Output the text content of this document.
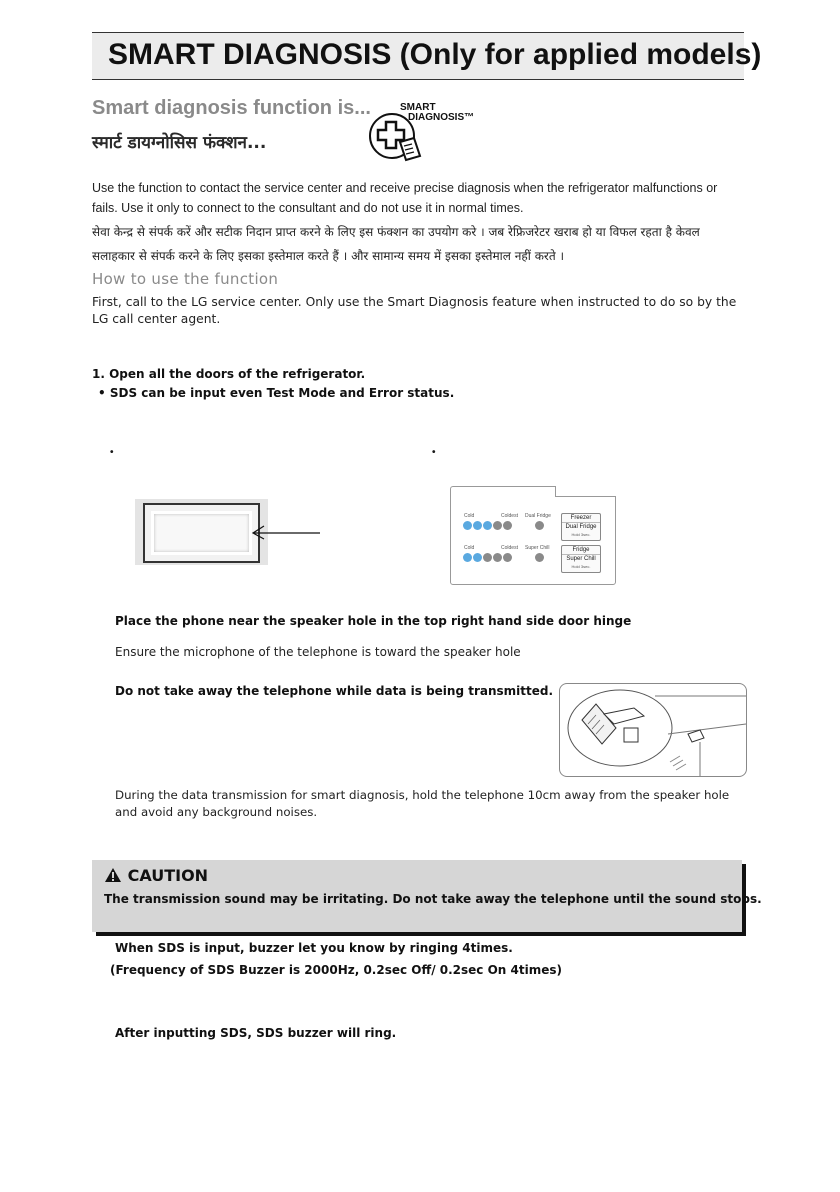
SMART DIAGNOSIS (Only for applied models)
Smart diagnosis function is...
स्मार्ट डायग्नोसिस फंक्शन...
SMART
DIAGNOSIS™
Use the function to contact the service center and receive precise diagnosis when the refrigerator malfunctions or fails. Use it only to connect to the consultant and do not use it in normal times.
सेवा केन्द्र से संपर्क करें और सटीक निदान प्राप्त करने के लिए इस फंक्शन का उपयोग करे । जब रेफ्रिजरेटर खराब हो या विफल रहता है केवल सलाहकार से संपर्क करने के लिए इसका इस्तेमाल करते हैं । और सामान्य समय में इसका इस्तेमाल नहीं करते ।
How to use the function
First, call to the LG service center. Only use the Smart Diagnosis feature when instructed to do so by the LG call center agent.
1. Open all the doors of the refrigerator.
• SDS can be input even Test Mode and Error status.
•	•
Cold	Coldest Dual Fridge	Freezer
Dual Fridge
Hold 3sec.
Cold	Coldest Super Chill	Fridge
Super Chill
Hold 3sec.
Place the phone near the speaker hole in the top right hand side door hinge
Ensure the microphone of the telephone is toward the speaker hole
Do not take away the telephone while data is being transmitted.
During the data transmission for smart diagnosis, hold the telephone 10cm away from the speaker hole and avoid any background noises.
CAUTION
The transmission sound may be irritating. Do not take away the telephone until the sound stops.
When SDS is input, buzzer let you know by ringing 4times.
(Frequency of SDS Buzzer is 2000Hz, 0.2sec Off/ 0.2sec On 4times)
After inputting SDS, SDS buzzer will ring.
